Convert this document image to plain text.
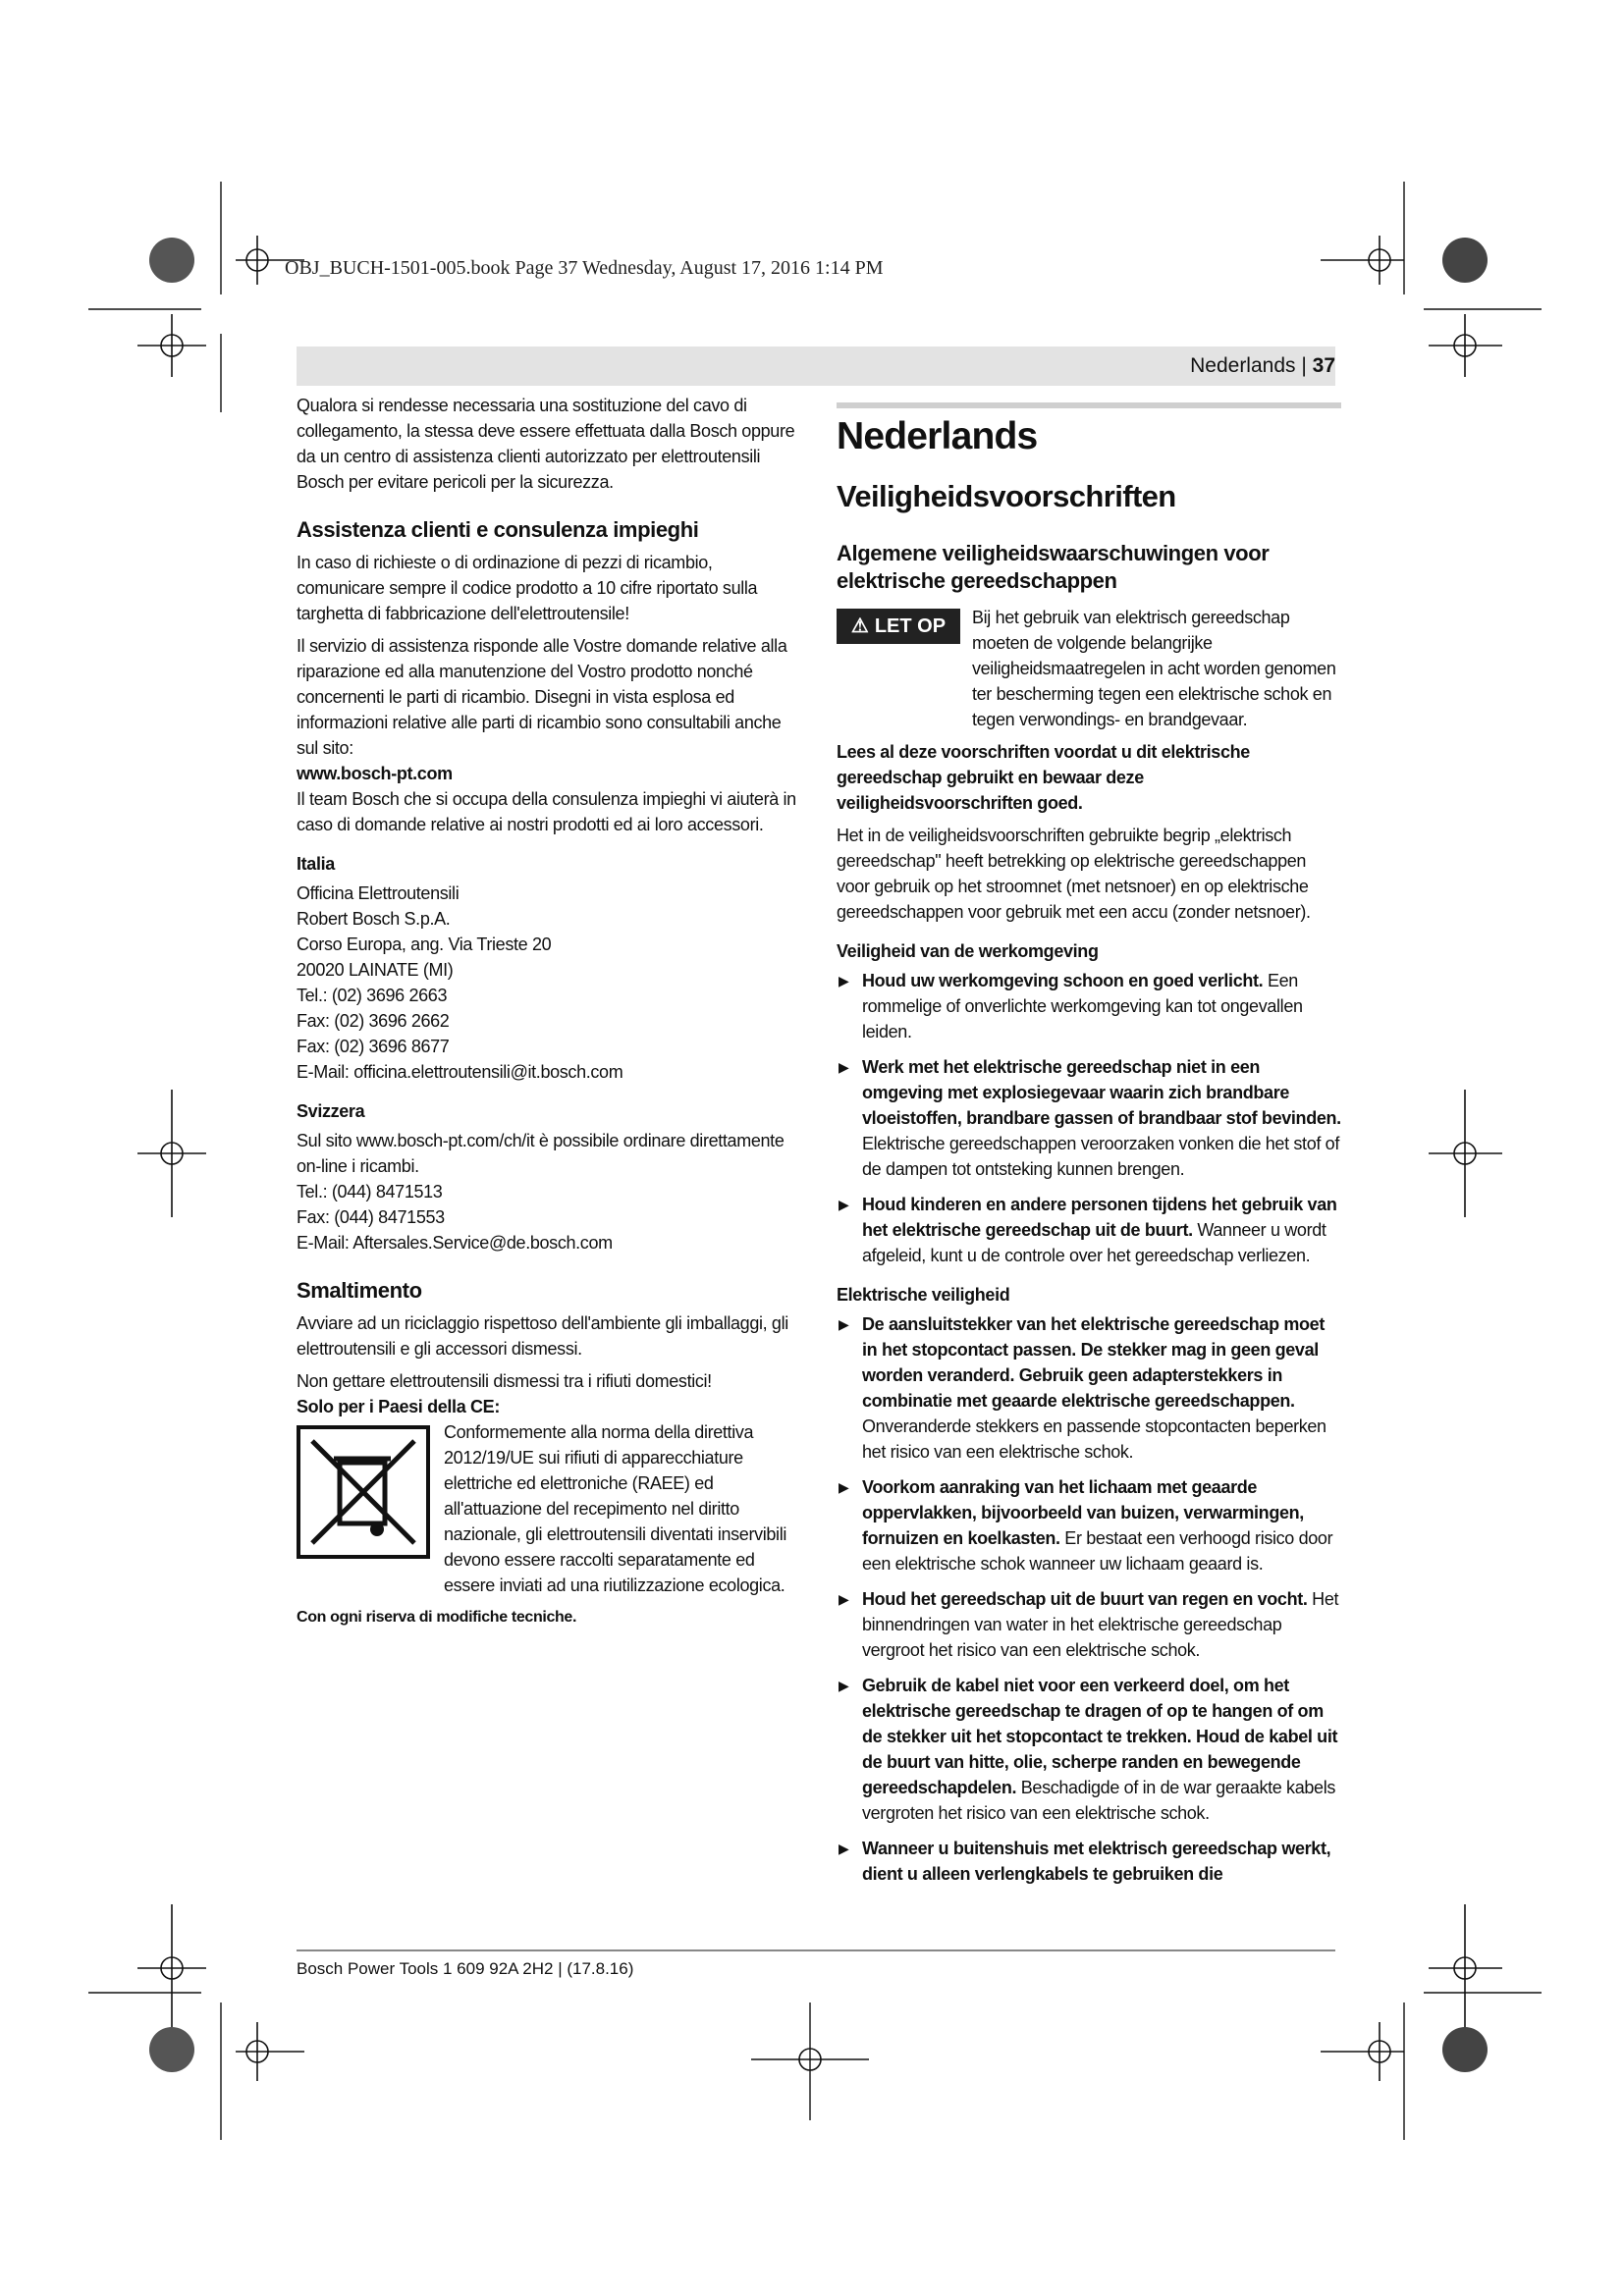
OBJ_BUCH-1501-005.book Page 37 Wednesday, August 17, 2016 1:14 PM
Nederlands | 37

Qualora si rendesse necessaria una sostituzione del cavo di collegamento, la stessa deve essere effettuata dalla Bosch oppure da un centro di assistenza clienti autorizzato per elettroutensili Bosch per evitare pericoli per la sicurezza.

Assistenza clienti e consulenza impieghi

In caso di richieste o di ordinazione di pezzi di ricambio, comunicare sempre il codice prodotto a 10 cifre riportato sulla targhetta di fabbricazione dell'elettroutensile!

Il servizio di assistenza risponde alle Vostre domande relative alla riparazione ed alla manutenzione del Vostro prodotto nonché concernenti le parti di ricambio. Disegni in vista esplosa ed informazioni relative alle parti di ricambio sono consultabili anche sul sito:

www.bosch-pt.com

Il team Bosch che si occupa della consulenza impieghi vi aiuterà in caso di domande relative ai nostri prodotti ed ai loro accessori.

Italia
Officina Elettroutensili
Robert Bosch S.p.A.
Corso Europa, ang. Via Trieste 20
20020 LAINATE (MI)
Tel.: (02) 3696 2663
Fax: (02) 3696 2662
Fax: (02) 3696 8677
E-Mail: officina.elettroutensili@it.bosch.com
Svizzera
Sul sito www.bosch-pt.com/ch/it è possibile ordinare direttamente on-line i ricambi.
Tel.: (044) 8471513
Fax: (044) 8471553
E-Mail: Aftersales.Service@de.bosch.com
Smaltimento

Avviare ad un riciclaggio rispettoso dell'ambiente gli imballaggi, gli elettroutensili e gli accessori dismessi.

Non gettare elettroutensili dismessi tra i rifiuti domestici!

Solo per i Paesi della CE:

Conformemente alla norma della direttiva 2012/19/UE sui rifiuti di apparecchiature elettriche ed elettroniche (RAEE) ed all'attuazione del recepimento nel diritto nazionale, gli elettroutensili diventati inservibili devono essere raccolti separatamente ed essere inviati ad una riutilizzazione ecologica.

Con ogni riserva di modifiche tecniche.

Nederlands
Veiligheidsvoorschriften
Algemene veiligheidswaarschuwingen voor elektrische gereedschappen
⚠ LET OP Bij het gebruik van elektrisch gereedschap moeten de volgende belangrijke veiligheidsmaatregelen in acht worden genomen ter bescherming tegen een elektrische schok en tegen verwondings- en brandgevaar.

Lees al deze voorschriften voordat u dit elektrische gereedschap gebruikt en bewaar deze veiligheidsvoorschriften goed.

Het in de veiligheidsvoorschriften gebruikte begrip „elektrisch gereedschap" heeft betrekking op elektrische gereedschappen voor gebruik op het stroomnet (met netsnoer) en op elektrische gereedschappen voor gebruik met een accu (zonder netsnoer).

Veiligheid van de werkomgeving
▶ Houd uw werkomgeving schoon en goed verlicht. Een rommelige of onverlichte werkomgeving kan tot ongevallen leiden.
▶ Werk met het elektrische gereedschap niet in een omgeving met explosiegevaar waarin zich brandbare vloeistoffen, brandbare gassen of brandbaar stof bevinden. Elektrische gereedschappen veroorzaken vonken die het stof of de dampen tot ontsteking kunnen brengen.
▶ Houd kinderen en andere personen tijdens het gebruik van het elektrische gereedschap uit de buurt. Wanneer u wordt afgeleid, kunt u de controle over het gereedschap verliezen.
Elektrische veiligheid
▶ De aansluitstekker van het elektrische gereedschap moet in het stopcontact passen. De stekker mag in geen geval worden veranderd. Gebruik geen adapterstekkers in combinatie met geaarde elektrische gereedschappen. Onveranderde stekkers en passende stopcontacten beperken het risico van een elektrische schok.
▶ Voorkom aanraking van het lichaam met geaarde oppervlakken, bijvoorbeeld van buizen, verwarmingen, fornuizen en koelkasten. Er bestaat een verhoogd risico door een elektrische schok wanneer uw lichaam geaard is.
▶ Houd het gereedschap uit de buurt van regen en vocht. Het binnendringen van water in het elektrische gereedschap vergroot het risico van een elektrische schok.
▶ Gebruik de kabel niet voor een verkeerd doel, om het elektrische gereedschap te dragen of op te hangen of om de stekker uit het stopcontact te trekken. Houd de kabel uit de buurt van hitte, olie, scherpe randen en bewegende gereedschapdelen. Beschadigde of in de war geraakte kabels vergroten het risico van een elektrische schok.
▶ Wanneer u buitenshuis met elektrisch gereedschap werkt, dient u alleen verlengkabels te gebruiken die
Bosch Power Tools 1 609 92A 2H2 | (17.8.16)
